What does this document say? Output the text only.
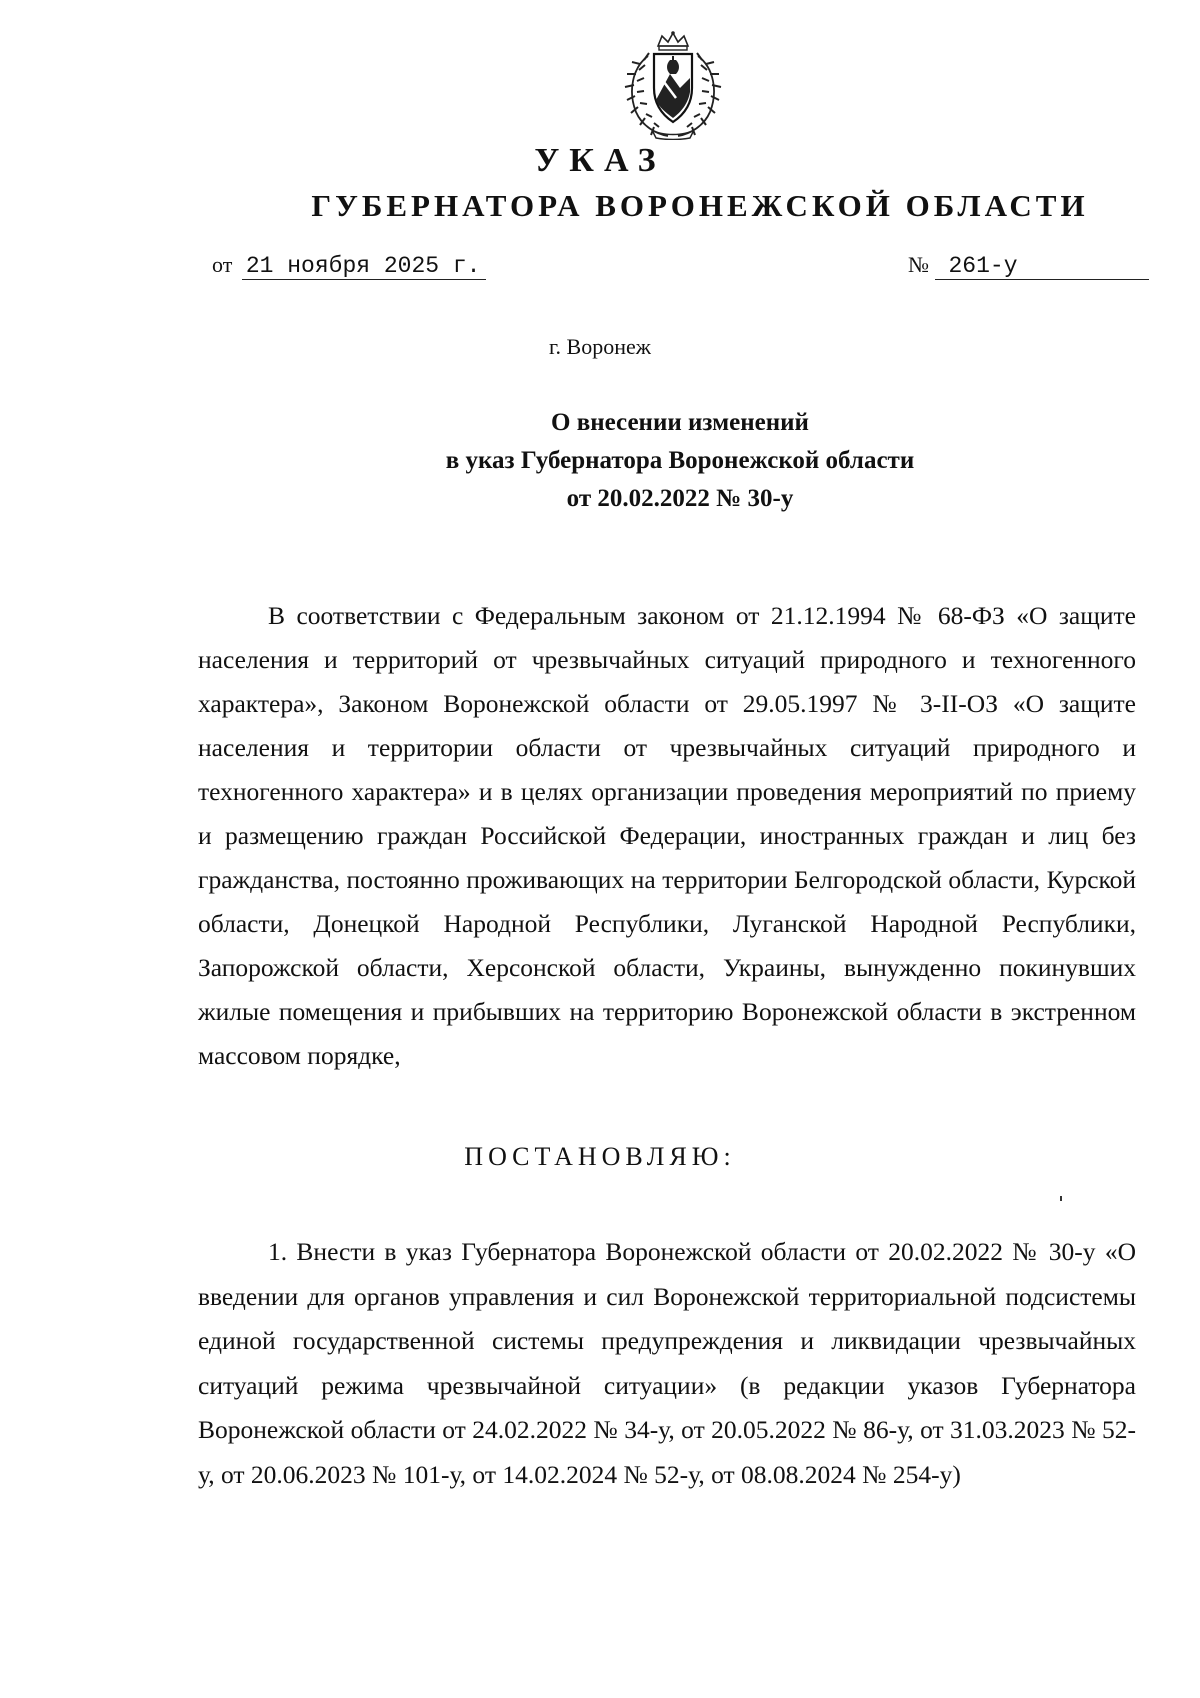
УКАЗ
ГУБЕРНАТОРА ВОРОНЕЖСКОЙ ОБЛАСТИ
от 21 ноября 2025 г.	№ 261-у
г. Воронеж
О внесении изменений
в указ Губернатора Воронежской области
от 20.02.2022 № 30-у

В соответствии с Федеральным законом от 21.12.1994 № 68-ФЗ «О защите населения и территорий от чрезвычайных ситуаций природного и техногенного характера», Законом Воронежской области от 29.05.1997 № 3-II-ОЗ «О защите населения и территории области от чрезвычайных ситуаций природного и техногенного характера» и в целях организации проведения мероприятий по приему и размещению граждан Российской Федерации, иностранных граждан и лиц без гражданства, постоянно проживающих на территории Белгородской области, Курской области, Донецкой Народной Республики, Луганской Народной Республики, Запорожской области, Херсонской области, Украины, вынужденно покинувших жилые помещения и прибывших на территорию Воронежской области в экстренном массовом порядке,

ПОСТАНОВЛЯЮ:

1. Внести в указ Губернатора Воронежской области от 20.02.2022 № 30-у «О введении для органов управления и сил Воронежской территориальной подсистемы единой государственной системы предупреждения и ликвидации чрезвычайных ситуаций режима чрезвычайной ситуации» (в редакции указов Губернатора Воронежской области от 24.02.2022 № 34-у, от 20.05.2022 № 86-у, от 31.03.2023 № 52-у, от 20.06.2023 № 101-у, от 14.02.2024 № 52-у, от 08.08.2024 № 254-у)
